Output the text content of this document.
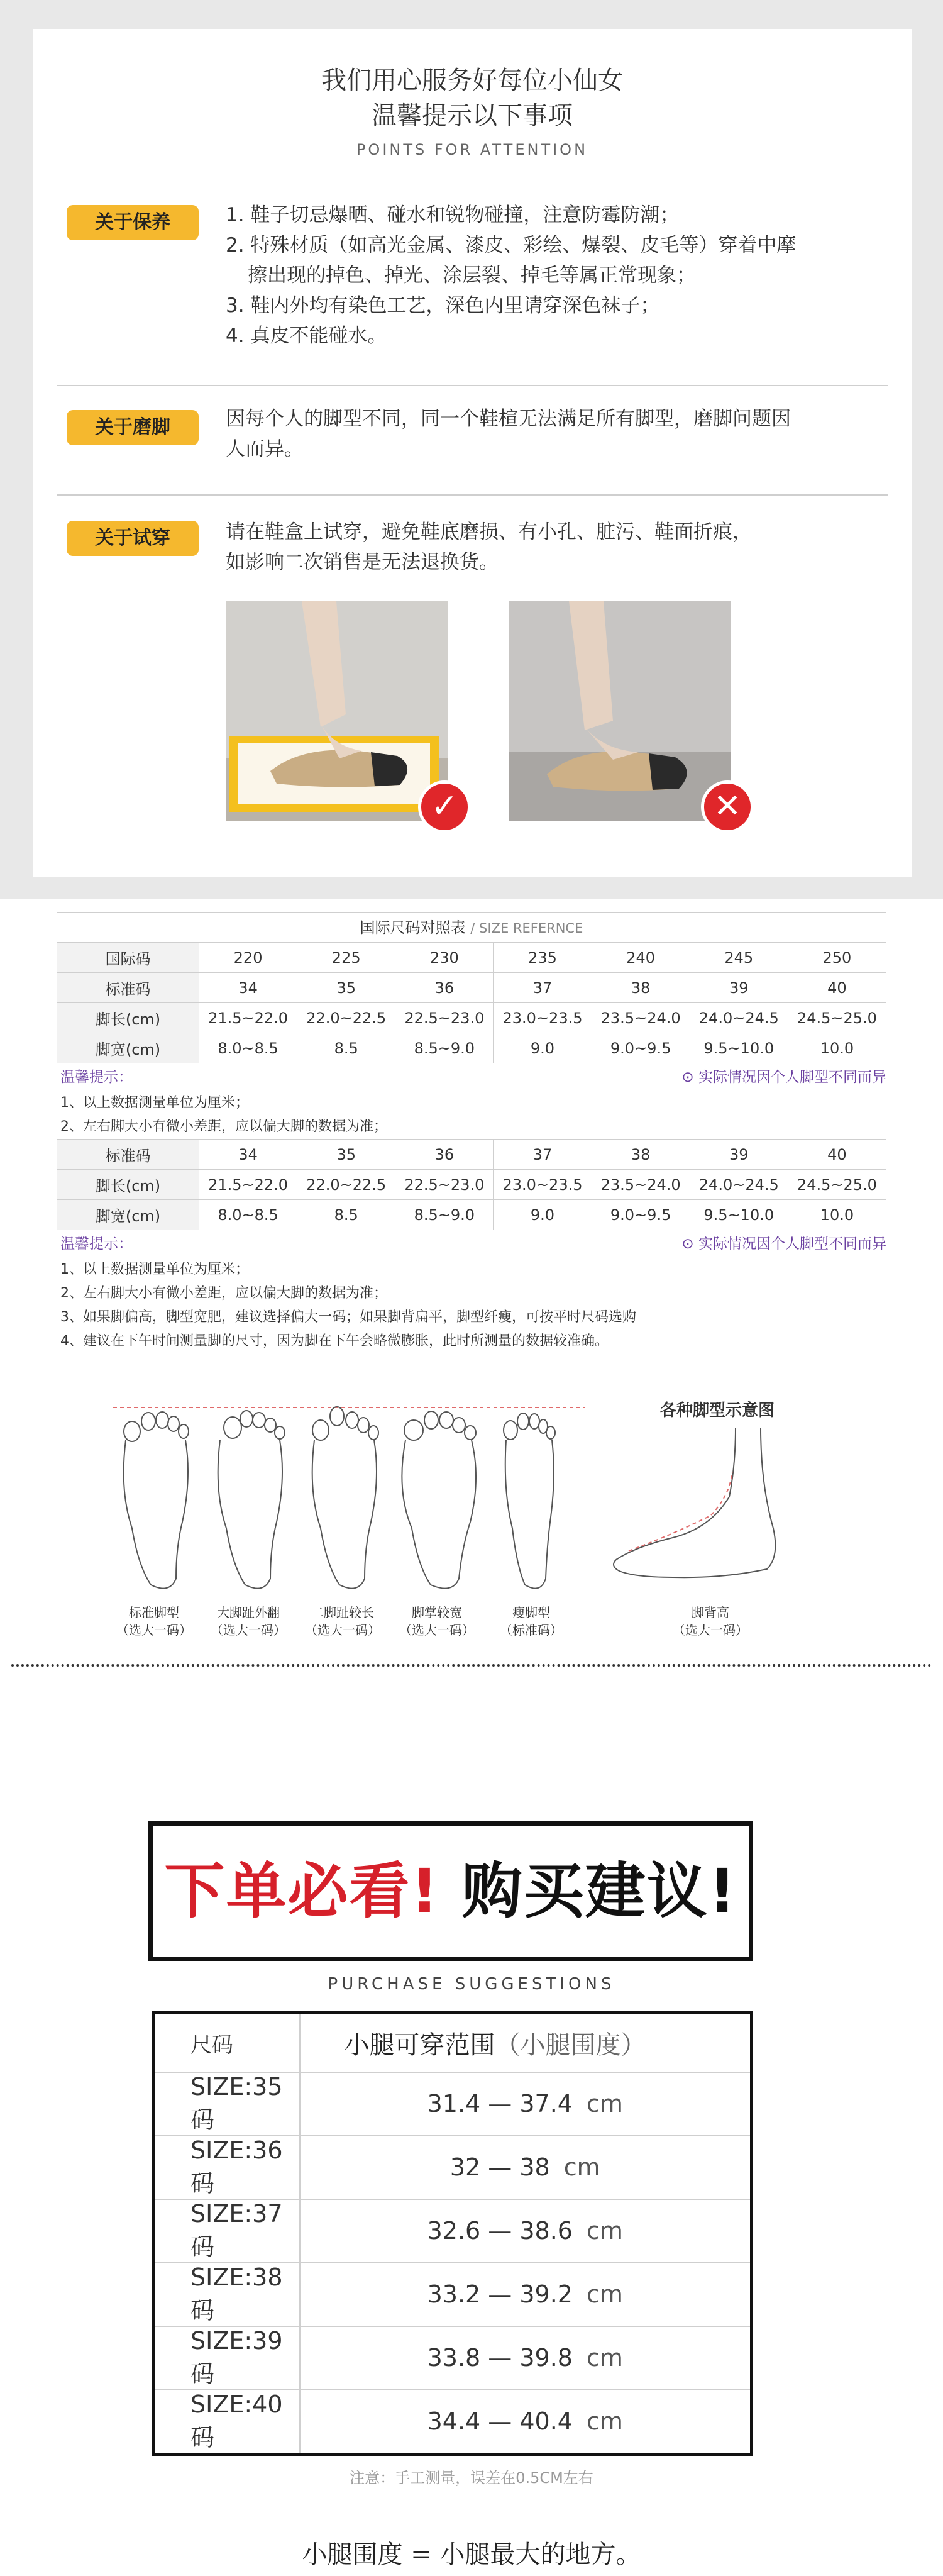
我们用心服务好每位小仙女
温馨提示以下事项
POINTS FOR ATTENTION
关于保养	1. 鞋子切忌爆晒、碰水和锐物碰撞，注意防霉防潮；

2. 特殊材质（如高光金属、漆皮、彩绘、爆裂、皮毛等）穿着中摩

擦出现的掉色、掉光、涂层裂、掉毛等属正常现象；

3. 鞋内外均有染色工艺，深色内里请穿深色袜子；

4. 真皮不能碰水。

关于磨脚	因每个人的脚型不同，同一个鞋楦无法满足所有脚型，磨脚问题因

人而异。

关于试穿	请在鞋盒上试穿，避免鞋底磨损、有小孔、脏污、鞋面折痕，

如影响二次销售是无法退换货。

✓	✕
国际尺码对照表 / SIZE REFERNCE
国际码	220	225	230	235	240	245	250
标准码	34	35	36	37	38	39	40
脚长(cm)	21.5~22.0	22.0~22.5	22.5~23.0	23.0~23.5	23.5~24.0	24.0~24.5	24.5~25.0
脚宽(cm)	8.0~8.5	8.5	8.5~9.0	9.0	9.0~9.5	9.5~10.0	10.0
温馨提示：	⊙ 实际情况因个人脚型不同而异
1、以上数据测量单位为厘米；
2、左右脚大小有微小差距，应以偏大脚的数据为准；
标准码	34	35	36	37	38	39	40
脚长(cm)	21.5~22.0	22.0~22.5	22.5~23.0	23.0~23.5	23.5~24.0	24.0~24.5	24.5~25.0
脚宽(cm)	8.0~8.5	8.5	8.5~9.0	9.0	9.0~9.5	9.5~10.0	10.0
温馨提示：	⊙ 实际情况因个人脚型不同而异
1、以上数据测量单位为厘米；
2、左右脚大小有微小差距，应以偏大脚的数据为准；
3、如果脚偏高，脚型宽肥，建议选择偏大一码；如果脚背扁平，脚型纤瘦，可按平时尺码选购
4、建议在下午时间测量脚的尺寸，因为脚在下午会略微膨胀，此时所测量的数据较准确。
各种脚型示意图
标准脚型
（选大一码）
大脚趾外翻
（选大一码）
二脚趾较长
（选大一码）
脚掌较宽
（选大一码）
瘦脚型
（标准码）
脚背高
（选大一码）
下单必看! 购买建议!
PURCHASE SUGGESTIONS
尺码	小腿可穿范围（小腿围度）
SIZE:35码	31.4 — 37.4 cm
SIZE:36码	32 — 38 cm
SIZE:37码	32.6 — 38.6 cm
SIZE:38码	33.2 — 39.2 cm
SIZE:39码	33.8 — 39.8 cm
SIZE:40码	34.4 — 40.4 cm
注意：手工测量，误差在0.5CM左右
小腿围度 = 小腿最大的地方。
